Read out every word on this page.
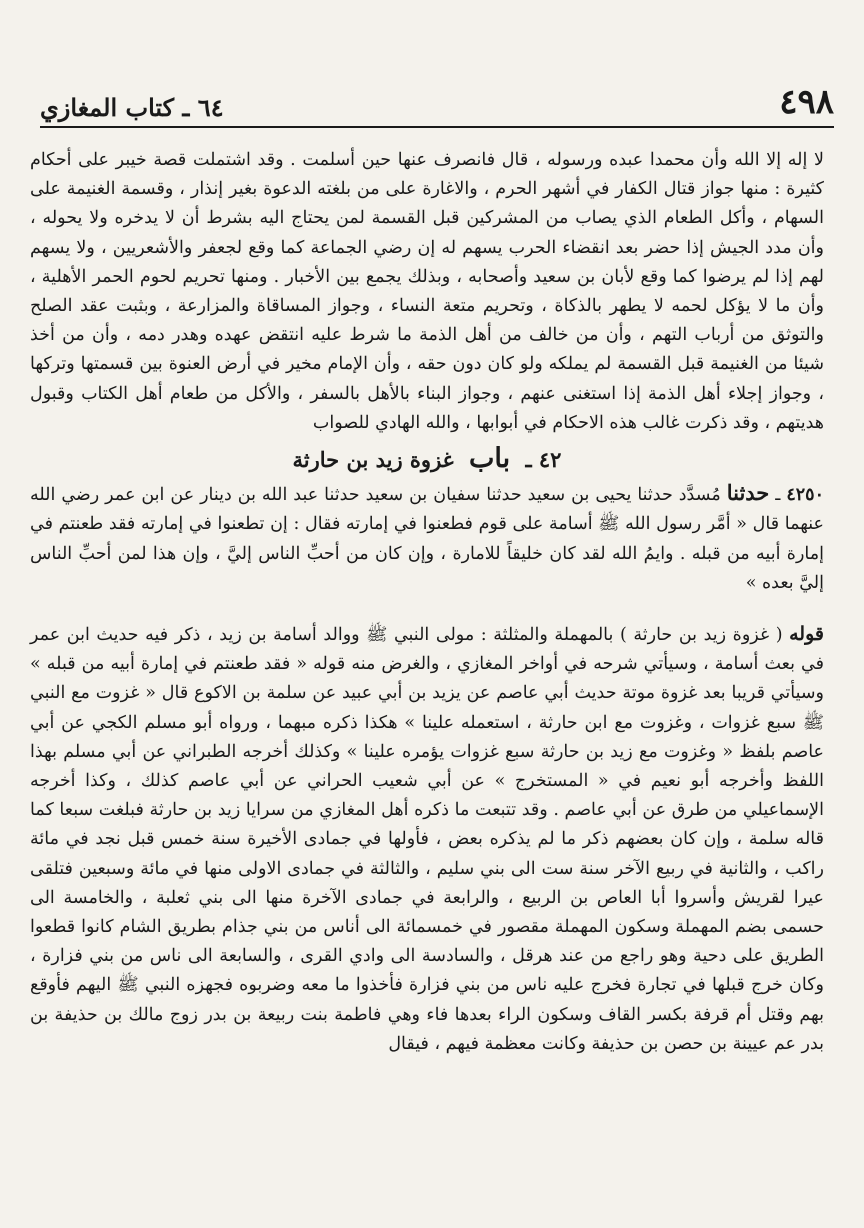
٦٤ ـ كتاب المغازي	٤٩٨

لا إله إلا الله وأن محمدا عبده ورسوله ، قال فانصرف عنها حين أسلمت . وقد اشتملت قصة خيبر على أحكام كثيرة : منها جواز قتال الكفار في أشهر الحرم ، والاغارة على من بلغته الدعوة بغير إنذار ، وقسمة الغنيمة على السهام ، وأكل الطعام الذي يصاب من المشركين قبل القسمة لمن يحتاج اليه بشرط أن لا يدخره ولا يحوله ، وأن مدد الجيش إذا حضر بعد انقضاء الحرب يسهم له إن رضي الجماعة كما وقع لجعفر والأشعريين ، ولا يسهم لهم إذا لم يرضوا كما وقع لأبان بن سعيد وأصحابه ، وبذلك يجمع بين الأخبار . ومنها تحريم لحوم الحمر الأهلية ، وأن ما لا يؤكل لحمه لا يطهر بالذكاة ، وتحريم متعة النساء ، وجواز المساقاة والمزارعة ، وبثبت عقد الصلح والتوثق من أرباب التهم ، وأن من خالف من أهل الذمة ما شرط عليه انتقض عهده وهدر دمه ، وأن من أخذ شيئا من الغنيمة قبل القسمة لم يملكه ولو كان دون حقه ، وأن الإمام مخير في أرض العنوة بين قسمتها وتركها ، وجواز إجلاء أهل الذمة إذا استغنى عنهم ، وجواز البناء بالأهل بالسفر ، والأكل من طعام أهل الكتاب وقبول هديتهم ، وقد ذكرت غالب هذه الاحكام في أبوابها ، والله الهادي للصواب

٤٢ ـ باب غزوة زيد بن حارثة

٤٢٥٠ ـ حدثنا مُسدَّد حدثنا يحيى بن سعيد حدثنا سفيان بن سعيد حدثنا عبد الله بن دينار عن ابن عمر رضي الله عنهما قال « أمَّر رسول الله ﷺ أسامة على قوم فطعنوا في إمارته فقال : إن تطعنوا في إمارته فقد طعنتم في إمارة أبيه من قبله . وايمُ الله لقد كان خليقاً للامارة ، وإن كان من أحبِّ الناس إليَّ ، وإن هذا لمن أحبِّ الناس إليَّ بعده »

قوله ( غزوة زيد بن حارثة ) بالمهملة والمثلثة : مولى النبي ﷺ ووالد أسامة بن زيد ، ذكر فيه حديث ابن عمر في بعث أسامة ، وسيأتي شرحه في أواخر المغازي ، والغرض منه قوله « فقد طعنتم في إمارة أبيه من قبله » وسيأتي قريبا بعد غزوة موتة حديث أبي عاصم عن يزيد بن أبي عبيد عن سلمة بن الاكوع قال « غزوت مع النبي ﷺ سبع غزوات ، وغزوت مع ابن حارثة ، استعمله علينا » هكذا ذكره مبهما ، ورواه أبو مسلم الكجي عن أبي عاصم بلفظ « وغزوت مع زيد بن حارثة سبع غزوات يؤمره علينا » وكذلك أخرجه الطبراني عن أبي مسلم بهذا اللفظ وأخرجه أبو نعيم في « المستخرج » عن أبي شعيب الحراني عن أبي عاصم كذلك ، وكذا أخرجه الإسماعيلي من طرق عن أبي عاصم . وقد تتبعت ما ذكره أهل المغازي من سرايا زيد بن حارثة فبلغت سبعا كما قاله سلمة ، وإن كان بعضهم ذكر ما لم يذكره بعض ، فأولها في جمادى الأخيرة سنة خمس قبل نجد في مائة راكب ، والثانية في ربيع الآخر سنة ست الى بني سليم ، والثالثة في جمادى الاولى منها في مائة وسبعين فتلقى عيرا لقريش وأسروا أبا العاص بن الربيع ، والرابعة في جمادى الآخرة منها الى بني ثعلبة ، والخامسة الى حسمى بضم المهملة وسكون المهملة مقصور في خمسمائة الى أناس من بني جذام بطريق الشام كانوا قطعوا الطريق على دحية وهو راجع من عند هرقل ، والسادسة الى وادي القرى ، والسابعة الى ناس من بني فزارة ، وكان خرج قبلها في تجارة فخرج عليه ناس من بني فزارة فأخذوا ما معه وضربوه فجهزه النبي ﷺ اليهم فأوقع بهم وقتل أم قرفة بكسر القاف وسكون الراء بعدها فاء وهي فاطمة بنت ربيعة بن بدر زوج مالك بن حذيفة بن بدر عم عيينة بن حصن بن حذيفة وكانت معظمة فيهم ، فيقال
